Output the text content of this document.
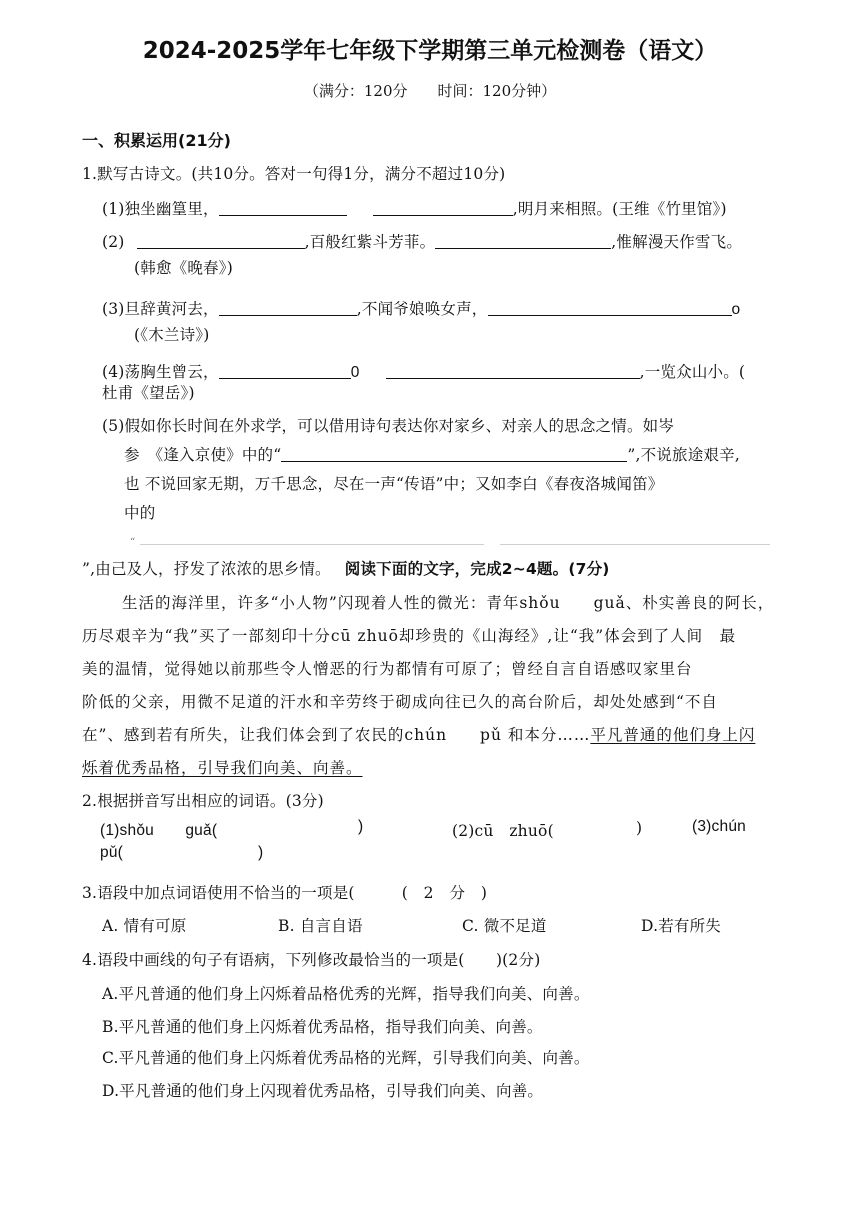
2024-2025学年七年级下学期第三单元检测卷（语文）
（满分：120分　　时间：120分钟）
一、积累运用(21分)
1.默写古诗文。(共10分。答对一句得1分，满分不超过10分)
(1)独坐幽篁里，	,明月来相照。(王维《竹里馆》)
(2)	,百般红紫斗芳菲。	,惟解漫天作雪飞。
(韩愈《晚春》)
(3)旦辞黄河去，	,不闻爷娘唤女声，	o
(《木兰诗》)
(4)荡胸生曾云，	0	,一览众山小。(
杜甫《望岳》)
(5)假如你长时间在外求学，可以借用诗句表达你对家乡、对亲人的思念之情。如岑
参　《逢入京使》中的“	”,不说旅途艰辛,
也 不说回家无期，万千思念，尽在一声“传语”中；又如李白《春夜洛城闻笛》
中的
“
”,由己及人，抒发了浓浓的思乡情。 阅读下面的文字，完成2~4题。(7分)
生活的海洋里，许多“小人物”闪现着人性的微光：青年shǒu　　guǎ、朴实善良的阿长，
历尽艰辛为“我”买了一部刻印十分cū zhuō却珍贵的《山海经》,让“我”体会到了人间　最
美的温情，觉得她以前那些令人憎恶的行为都情有可原了；曾经自言自语感叹家里台
阶低的父亲，用微不足道的汗水和辛劳终于砌成向往已久的高台阶后，却处处感到“不自
在”、感到若有所失，让我们体会到了农民的chún　　pǔ 和本分……平凡普通的他们身上闪
烁着优秀品格，引导我们向美、向善。
2.根据拼音写出相应的词语。(3分)
(1)shǒu　　guǎ(	)	(2)cū　zhuō(	)	(3)chún
pǔ(	)
3.语段中加点词语使用不恰当的一项是(　　　(　2　分　)
A. 情有可原	B. 自言自语	C. 微不足道	D.若有所失
4.语段中画线的句子有语病，下列修改最恰当的一项是(　　)(2分)
A.平凡普通的他们身上闪烁着品格优秀的光辉，指导我们向美、向善。
B.平凡普通的他们身上闪烁着优秀品格，指导我们向美、向善。
C.平凡普通的他们身上闪烁着优秀品格的光辉，引导我们向美、向善。
D.平凡普通的他们身上闪现着优秀品格，引导我们向美、向善。
